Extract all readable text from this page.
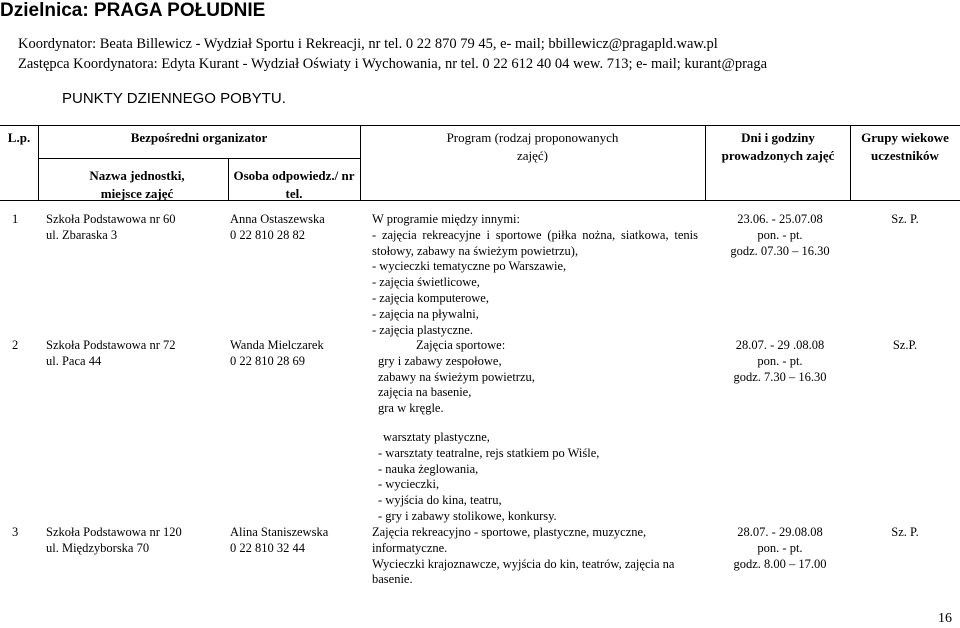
Dzielnica: PRAGA POŁUDNIE
Koordynator: Beata Billewicz - Wydział Sportu i Rekreacji, nr tel. 0 22 870 79 45, e- mail; bbillewicz@pragapld.waw.pl
Zastępca Koordynatora: Edyta Kurant - Wydział Oświaty i Wychowania, nr tel. 0 22 612 40 04 wew. 713; e- mail; kurant@praga
PUNKTY DZIENNEGO POBYTU.
L.p.	Bezpośredni organizator
Nazwa jednostki, miejsce zajęć
Osoba odpowiedz./ nr tel.
Program (rodzaj proponowanych zajęć)
Dni i godziny prowadzonych zajęć
Grupy wiekowe uczestników
1 Szkoła Podstawowa nr 60
ul. Zbaraska 3
Anna Ostaszewska
0 22 810 28 82
W programie między innymi:
- zajęcia rekreacyjne i sportowe (piłka nożna, siatkowa, tenis
stołowy, zabawy na świeżym powietrzu),
- wycieczki tematyczne po Warszawie,
- zajęcia świetlicowe,
- zajęcia komputerowe,
- zajęcia na pływalni,
- zajęcia plastyczne.
23.06. - 25.07.08
pon. - pt.
godz. 07.30 – 16.30
Sz. P.
2 Szkoła Podstawowa nr 72
ul. Paca 44
Wanda Mielczarek
0 22 810 28 69
Zajęcia sportowe:
gry i zabawy zespołowe,
zabawy na świeżym powietrzu,
zajęcia na basenie,
gra w kręgle.
warsztaty plastyczne,
- warsztaty teatralne, rejs statkiem po Wiśle,
- nauka żeglowania,
- wycieczki,
- wyjścia do kina, teatru,
- gry i zabawy stolikowe, konkursy.
28.07. - 29 .08.08
pon. - pt.
godz. 7.30 – 16.30
Sz.P.
3 Szkoła Podstawowa nr 120
ul. Międzyborska 70
Alina Staniszewska
0 22 810 32 44
Zajęcia rekreacyjno - sportowe, plastyczne, muzyczne,
informatyczne.
Wycieczki krajoznawcze, wyjścia do kin, teatrów, zajęcia na
basenie.
28.07. - 29.08.08
pon. - pt.
godz. 8.00 – 17.00
Sz. P.
16
